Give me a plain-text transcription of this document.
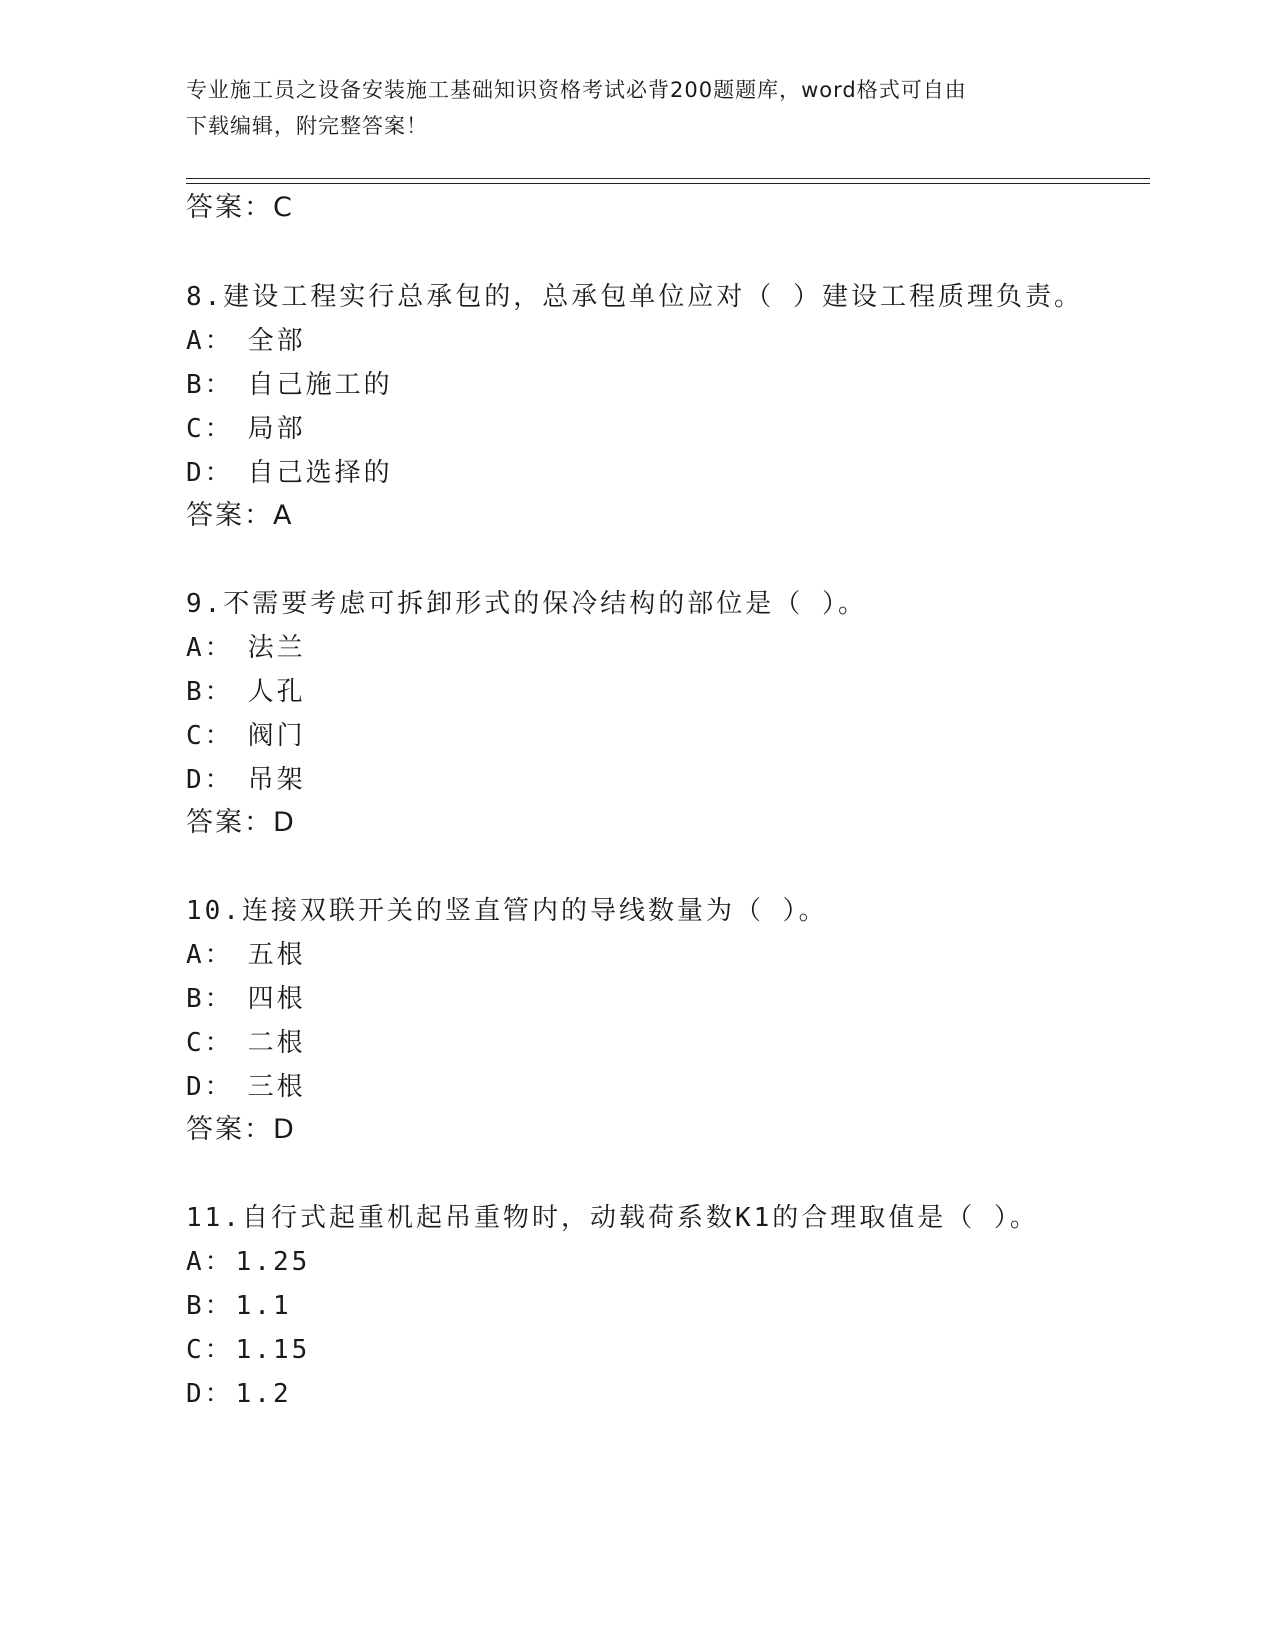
专业施工员之设备安装施工基础知识资格考试必背200题题库，word格式可自由
下载编辑，附完整答案！
答案：C
8.建设工程实行总承包的，总承包单位应对（ ）建设工程质理负责。
A： 全部
B： 自己施工的
C： 局部
D： 自己选择的
答案：A
9.不需要考虑可拆卸形式的保冷结构的部位是（ ）。
A： 法兰
B： 人孔
C： 阀门
D： 吊架
答案：D
10.连接双联开关的竖直管内的导线数量为（ ）。
A： 五根
B： 四根
C： 二根
D： 三根
答案：D
11.自行式起重机起吊重物时，动载荷系数K1的合理取值是（ ）。
A：1.25
B：1.1
C：1.15
D：1.2
